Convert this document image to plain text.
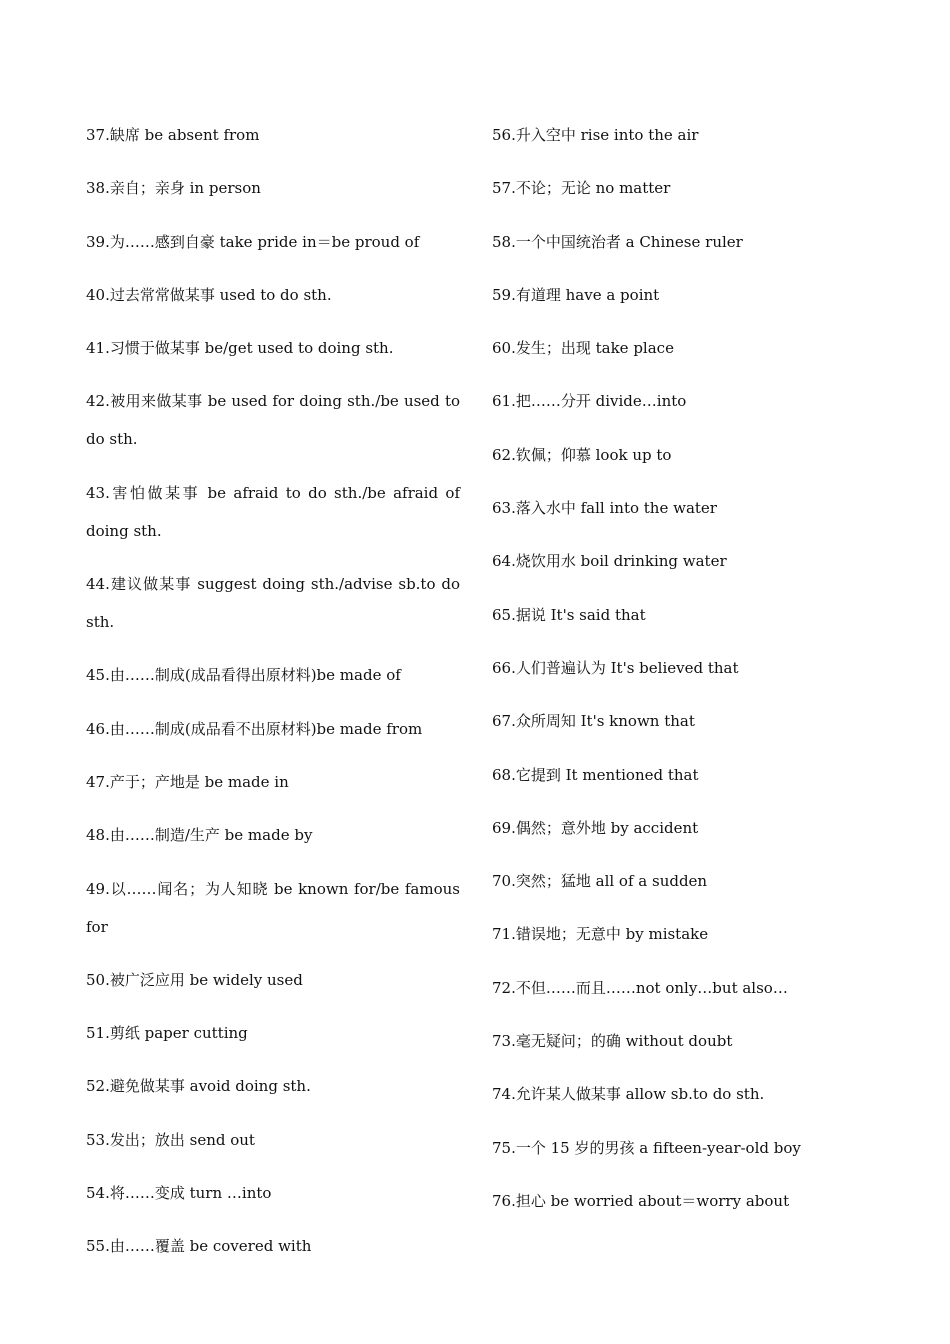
37.缺席 be absent from

38.亲自；亲身 in person

39.为……感到自豪 take pride in＝be proud of

40.过去常常做某事 used to do sth.

41.习惯于做某事 be/get used to doing sth.

42.被用来做某事 be used for doing sth./be used to do sth.

43.害怕做某事 be afraid to do sth./be afraid of doing sth.

44.建议做某事 suggest doing sth./advise sb.to do sth.

45.由……制成(成品看得出原材料)be made of

46.由……制成(成品看不出原材料)be made from

47.产于；产地是 be made in

48.由……制造/生产 be made by

49.以……闻名；为人知晓 be known for/be famous for

50.被广泛应用 be widely used

51.剪纸 paper cutting

52.避免做某事 avoid doing sth.

53.发出；放出 send out

54.将……变成 turn …into

55.由……覆盖 be covered with

56.升入空中 rise into the air

57.不论；无论 no matter

58.一个中国统治者 a Chinese ruler

59.有道理 have a point

60.发生；出现 take place

61.把……分开 divide…into

62.钦佩；仰慕 look up to

63.落入水中 fall into the water

64.烧饮用水 boil drinking water

65.据说 It's said that

66.人们普遍认为 It's believed that

67.众所周知 It's known that

68.它提到 It mentioned that

69.偶然；意外地 by accident

70.突然；猛地 all of a sudden

71.错误地；无意中 by mistake

72.不但……而且……not only…but also…

73.毫无疑问；的确 without doubt

74.允许某人做某事 allow sb.to do sth.

75.一个 15 岁的男孩 a fifteen-year-old boy

76.担心 be worried about＝worry about
